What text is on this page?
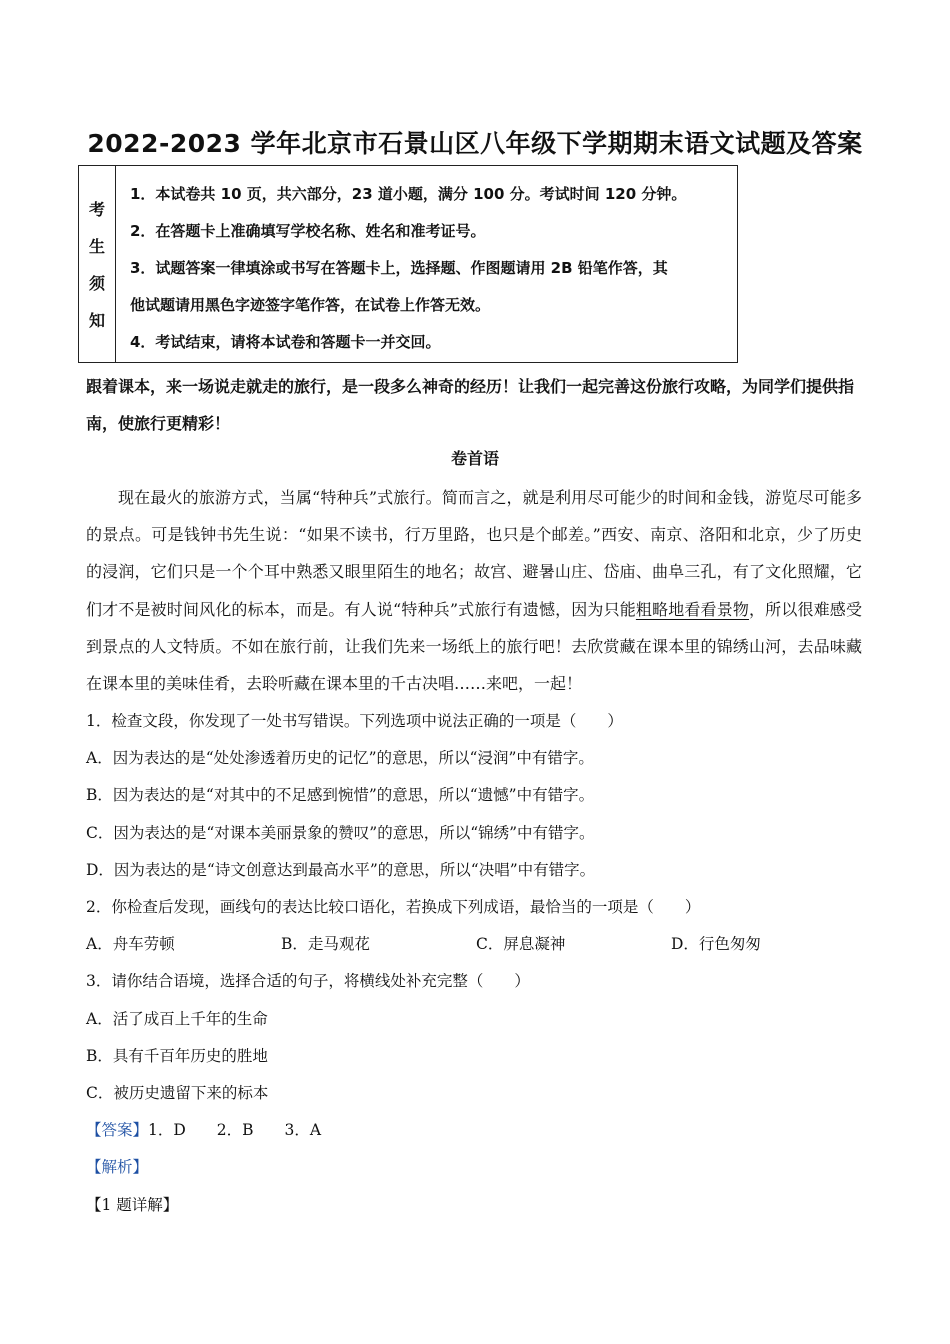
2022-2023 学年北京市石景山区八年级下学期期末语文试题及答案
考
生
须
知

1．本试卷共 10 页，共六部分，23 道小题，满分 100 分。考试时间 120 分钟。

2．在答题卡上准确填写学校名称、姓名和准考证号。

3．试题答案一律填涂或书写在答题卡上，选择题、作图题请用 2B 铅笔作答，其

他试题请用黑色字迹签字笔作答，在试卷上作答无效。

4．考试结束，请将本试卷和答题卡一并交回。

跟着课本，来一场说走就走的旅行，是一段多么神奇的经历！让我们一起完善这份旅行攻略，为同学们提供指南，使旅行更精彩！

卷首语

现在最火的旅游方式，当属“特种兵”式旅行。简而言之，就是利用尽可能少的时间和金钱，游览尽可能多的景点。可是钱钟书先生说：“如果不读书，行万里路，也只是个邮差。”西安、南京、洛阳和北京，少了历史的浸润，它们只是一个个耳中熟悉又眼里陌生的地名；故宫、避暑山庄、岱庙、曲阜三孔，有了文化照耀，它们才不是被时间风化的标本，而是。有人说“特种兵”式旅行有遗憾，因为只能粗略地看看景物，所以很难感受到景点的人文特质。不如在旅行前，让我们先来一场纸上的旅行吧！去欣赏藏在课本里的锦绣山河，去品味藏在课本里的美味佳肴，去聆听藏在课本里的千古决唱……来吧，一起！

1．检查文段，你发现了一处书写错误。下列选项中说法正确的一项是（　　）

A．因为表达的是“处处渗透着历史的记忆”的意思，所以“浸润”中有错字。

B．因为表达的是“对其中的不足感到惋惜”的意思，所以“遗憾”中有错字。

C．因为表达的是“对课本美丽景象的赞叹”的意思，所以“锦绣”中有错字。

D．因为表达的是“诗文创意达到最高水平”的意思，所以“决唱”中有错字。

2．你检查后发现，画线句的表达比较口语化，若换成下列成语，最恰当的一项是（　　）

A．舟车劳顿	B．走马观花	C．屏息凝神	D．行色匆匆

3．请你结合语境，选择合适的句子，将横线处补充完整（　　）

A．活了成百上千年的生命

B．具有千百年历史的胜地

C．被历史遗留下来的标本

【答案】1．D　　2．B　　3．A

【解析】

【1 题详解】
